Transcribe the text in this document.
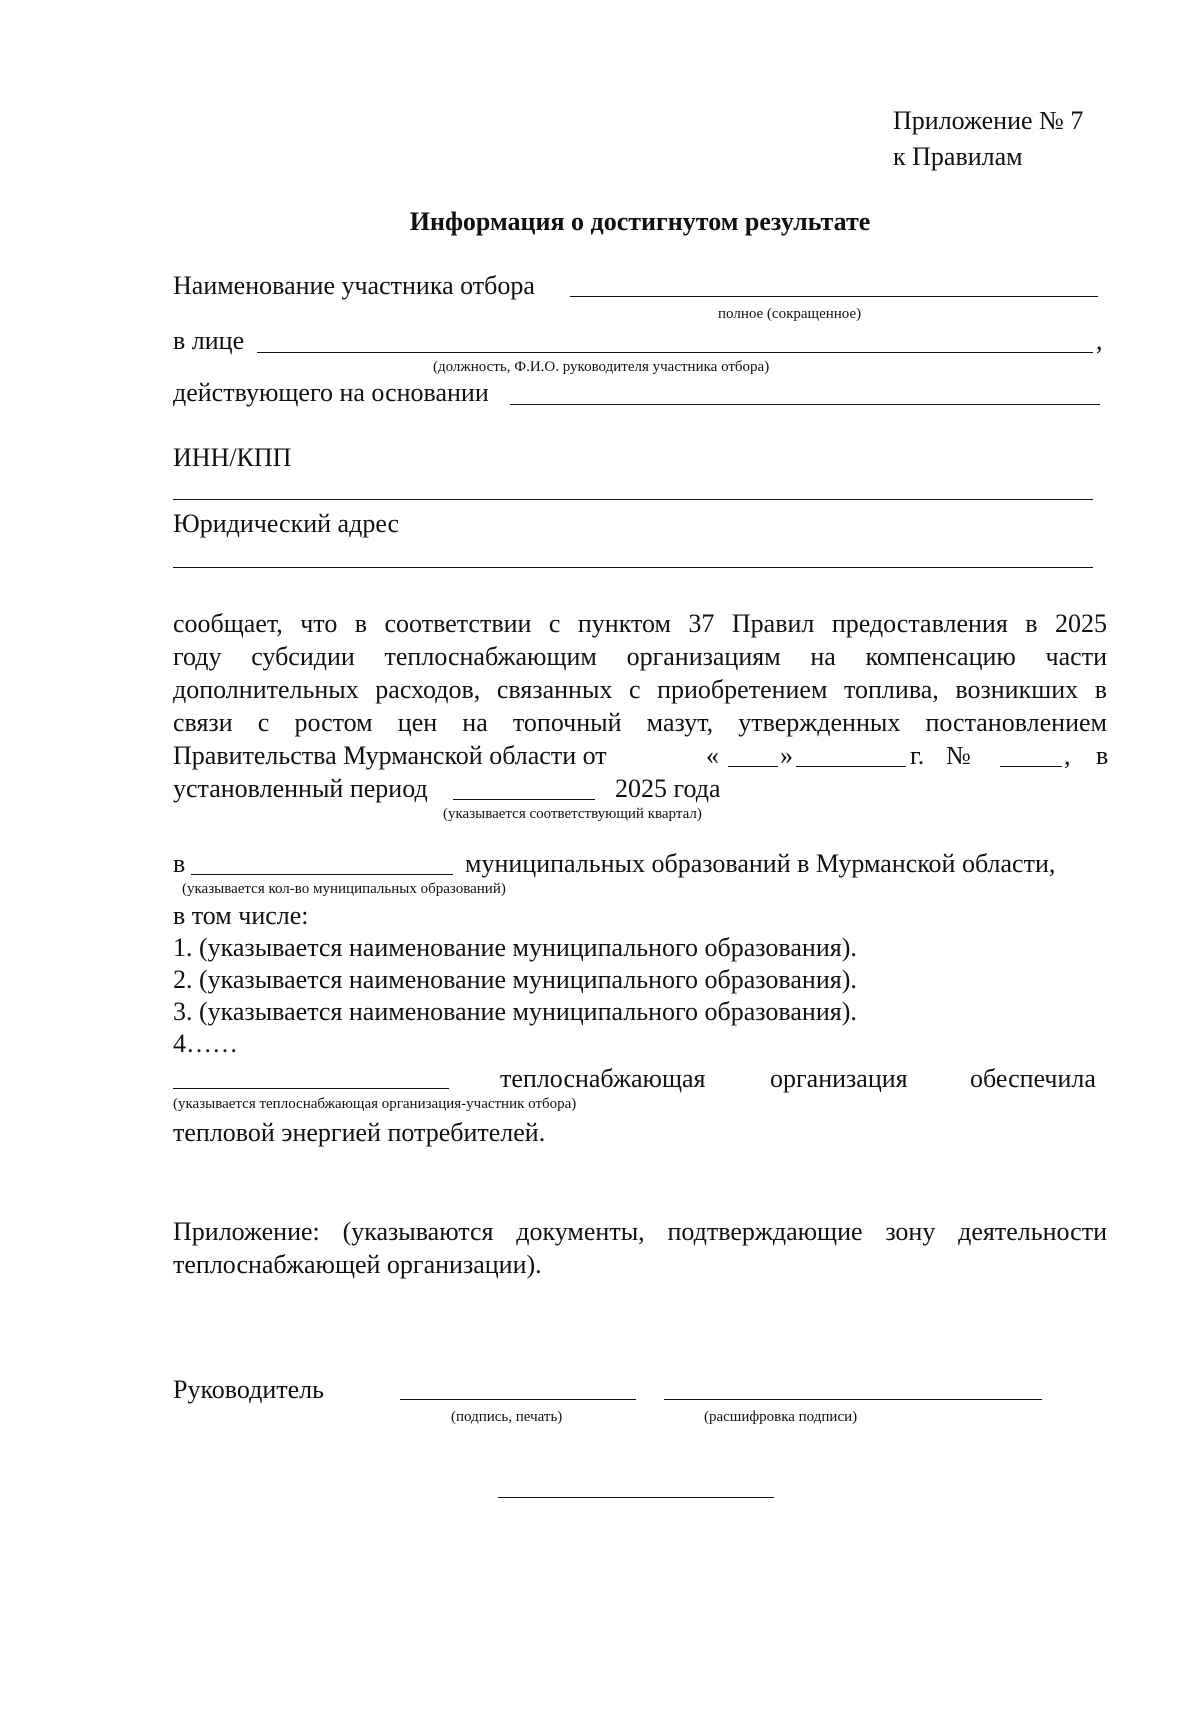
Приложение № 7
к Правилам
Информация о достигнутом результате
Наименование участника отбора
полное (сокращенное)
в лице	,
(должность, Ф.И.О. руководителя участника отбора)
действующего на основании
ИНН/КПП
Юридический адрес
сообщает, что в соответствии с пунктом 37 Правил предоставления в 2025
году субсидии теплоснабжающим организациям на компенсацию части
дополнительных расходов, связанных с приобретением топлива, возникших в
связи с ростом цен на топочный мазут, утвержденных постановлением
Правительства Мурманской области от	« »	г. №	, в
установленный период	2025 года
(указывается соответствующий квартал)
в	муниципальных образований в Мурманской области,
(указывается кол-во муниципальных образований)
в том числе:
1. (указывается наименование муниципального образования).
2. (указывается наименование муниципального образования).
3. (указывается наименование муниципального образования).
4……
теплоснабжающая организация обеспечила
(указывается теплоснабжающая организация-участник отбора)
тепловой энергией потребителей.
Приложение: (указываются документы, подтверждающие зону деятельности
теплоснабжающей организации).
Руководитель
(подпись, печать)	(расшифровка подписи)
